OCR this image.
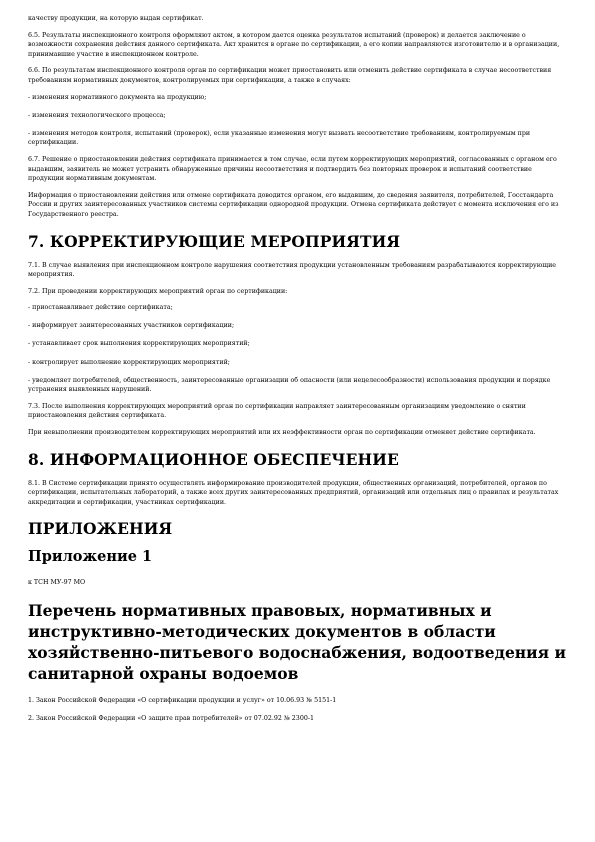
качеству продукции, на которую выдан сертификат.

6.5. Результаты инспекционного контроля оформляют актом, в котором дается оценка результатов испытаний (проверок) и делается заключение о возможности сохранения действия данного сертификата. Акт хранится в органе по сертификации, а его копии направляются изготовителю и в организации, принимавшие участие в инспекционном контроле.

6.6. По результатам инспекционного контроля орган по сертификации может приостановить или отменить действие сертификата в случае несоответствия требованиям нормативных документов, контролируемых при сертификации, а также в случаях:

- изменения нормативного документа на продукцию;

- изменения технологического процесса;

- изменения методов контроля, испытаний (проверок), если указанные изменения могут вызвать несоответствие требованиям, контролируемым при сертификации.

6.7. Решение о приостановлении действия сертификата принимается в том случае, если путем корректирующих мероприятий, согласованных с органом его выдавшим, заявитель не может устранить обнаруженные причины несоответствия и подтвердить без повторных проверок и испытаний соответствие продукции нормативным документам.

Информация о приостановлении действия или отмене сертификата доводится органом, его выдавшим, до сведения заявителя, потребителей, Госстандарта России и других заинтересованных участников системы сертификации однородной продукции. Отмена сертификата действует с момента исключения его из Государственного реестра.

7. КОРРЕКТИРУЮЩИЕ МЕРОПРИЯТИЯ

7.1. В случае выявления при инспекционном контроле нарушения соответствия продукции установленным требованиям разрабатываются корректирующие мероприятия.

7.2. При проведении корректирующих мероприятий орган по сертификации:

- приостанавливает действие сертификата;

- информирует заинтересованных участников сертификации;

- устанавливает срок выполнения корректирующих мероприятий;

- контролирует выполнение корректирующих мероприятий;

- уведомляет потребителей, общественность, заинтересованные организации об опасности (или нецелесообразности) использования продукции и порядке устранения выявленных нарушений.

7.3. После выполнения корректирующих мероприятий орган по сертификации направляет заинтересованным организациям уведомление о снятии приостановления действия сертификата.

При невыполнении производителем корректирующих мероприятий или их неэффективности орган по сертификации отменяет действие сертификата.

8. ИНФОРМАЦИОННОЕ ОБЕСПЕЧЕНИЕ

8.1. В Системе сертификации принято осуществлять информирование производителей продукции, общественных организаций, потребителей, органов по сертификации, испытательных лабораторий, а также всех других заинтересованных предприятий, организаций или отдельных лиц о правилах и результатах аккредитации и сертификации, участниках сертификации.

ПРИЛОЖЕНИЯ
Приложение 1

к ТСН МУ-97 МО

Перечень нормативных правовых, нормативных и инструктивно-методических документов в области хозяйственно-питьевого водоснабжения, водоотведения и санитарной охраны водоемов

1. Закон Российской Федерации «О сертификации продукции и услуг» от 10.06.93 № 5151-1

2. Закон Российской Федерации «О защите прав потребителей» от 07.02.92 № 2300-1
